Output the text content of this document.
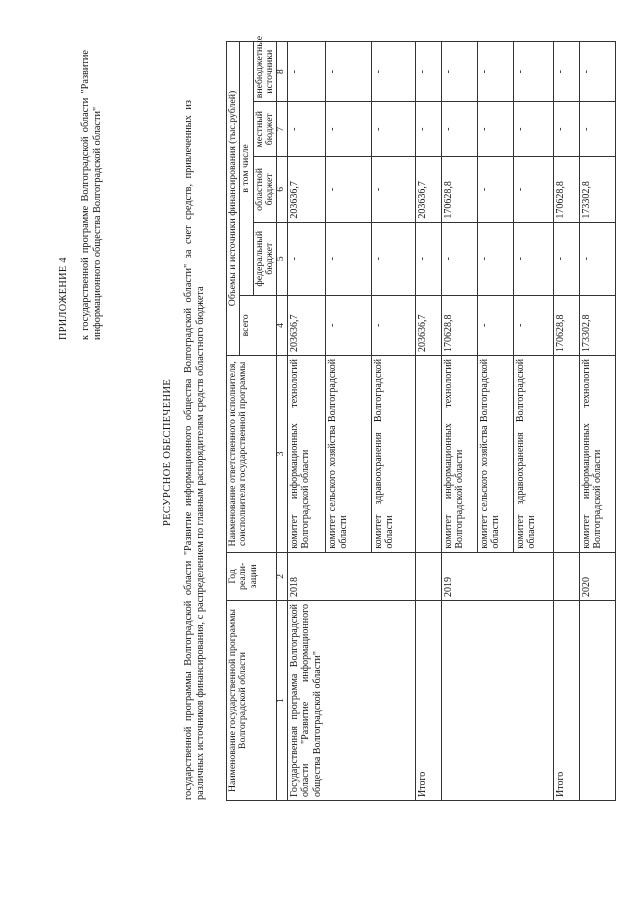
ПРИЛОЖЕНИЕ 4 к государственной программе Волгоградской области "Развитие информационного общества Волгоградской области"
РЕСУРСНОЕ ОБЕСПЕЧЕНИЕ государственной программы Волгоградской области "Развитие информационного общества Волгоградской области" за счет средств, привлеченных из различных источников финансирования, с распределением по главным распорядителям средств областного бюджета Наименование государственной программы Волгоградской области	Год реали-зации	Наименование ответственного исполнителя, соисполнителя государственной программы	Объемы и источники финансирования (тыс.рублей)				
			всего	в том числе			
				федеральный бюджет	областной бюджет	местный бюджет	внебюджетные источники
1	2	3	4	5	6	7	8
Государственная программа Волгоградской области "Развитие информационного общества Волгоградской области"	2018	комитет информационных технологий Волгоградской области	203636,7	-	203636,7	-	-
		комитет сельского хозяйства Волгоградской области	-	-	-	-	-
		комитет здравоохранения Волгоградской области	-	-	-	-	-
Итого			203636,7	-	203636,7	-	-
	2019	комитет информационных технологий Волгоградской области	170628,8	-	170628,8	-	-
		комитет сельского хозяйства Волгоградской области	-	-	-	-	-
		комитет здравоохранения Волгоградской области	-	-	-	-	-
Итого			170628,8	-	170628,8	-	-
	2020	комитет информационных технологий Волгоградской области	173302,8	-	173302,8	-	-
